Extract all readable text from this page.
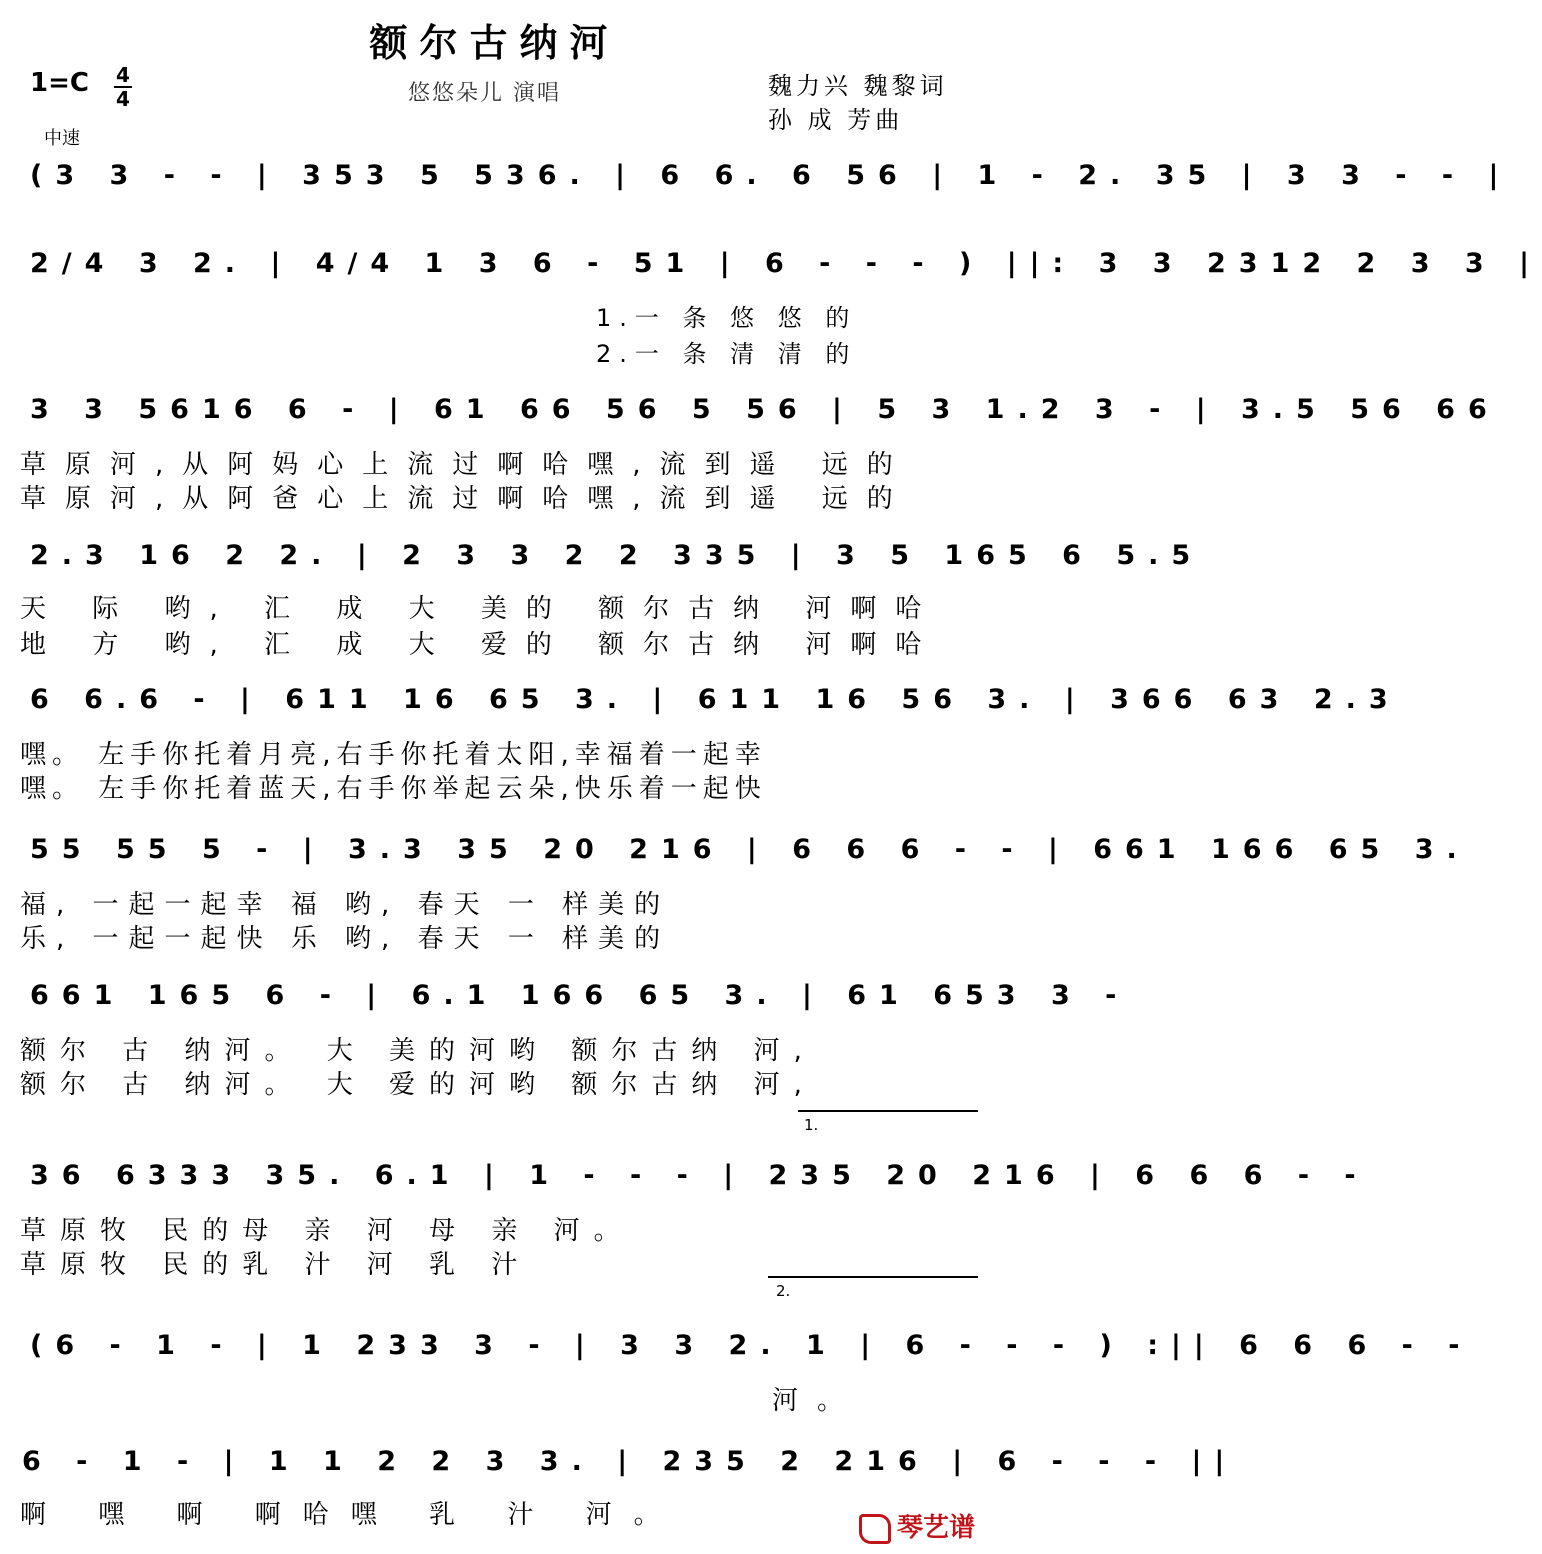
额尔古纳河
1=C 4
4	悠悠朵儿 演唱	魏力兴 魏黎词
孙 成 芳曲
中速
(3 3 - - | 353 5 536. | 6 6. 6 56 | 1 - 2. 35 | 3 3 - - |
2/4 3 2. | 4/4 1 3 6 - 51 | 6 - - - ) ||: 3 3 2312 2 3 3 |
1.一 条 悠 悠 的
2.一 条 清 清 的
3 3 5616 6 - | 61 66 56 5 56 | 5 3 1.2 3 - | 3.5 56 66
草原河,从阿妈心上流过啊哈嘿,流到遥 远的
草原河,从阿爸心上流过啊哈嘿,流到遥 远的
2.3 16 2 2. | 2 3 3 2 2 335 | 3 5 165 6 5.5
天 际 哟, 汇 成 大 美的 额尔古纳 河啊哈
地 方 哟, 汇 成 大 爱的 额尔古纳 河啊哈
6 6.6 - | 611 16 65 3. | 611 16 56 3. | 366 63 2.3
嘿。 左手你托着月亮,右手你托着太阳,幸福着一起幸
嘿。 左手你托着蓝天,右手你举起云朵,快乐着一起快
55 55 5 - | 3.3 35 20 216 | 6 6 6 - - | 661 166 65 3.
福, 一起一起幸 福 哟, 春天 一 样美的
乐, 一起一起快 乐 哟, 春天 一 样美的
661 165 6 - | 6.1 166 65 3. | 61 653 3 -
额尔 古 纳河。 大 美的河哟 额尔古纳 河,
额尔 古 纳河。 大 爱的河哟 额尔古纳 河,
1.
36 6333 35. 6.1 | 1 - - - | 235 20 216 | 6 6 6 - -
草原牧 民的母 亲 河 母 亲 河。
草原牧 民的乳 汁 河 乳 汁
2.
(6 - 1 - | 1 233 3 - | 3 3 2. 1 | 6 - - - ) :|| 6 6 6 - -
河。
6 - 1 - | 1 1 2 2 3 3. | 235 2 216 | 6 - - - ||
啊 嘿 啊 啊哈嘿 乳 汁 河。	琴艺谱
